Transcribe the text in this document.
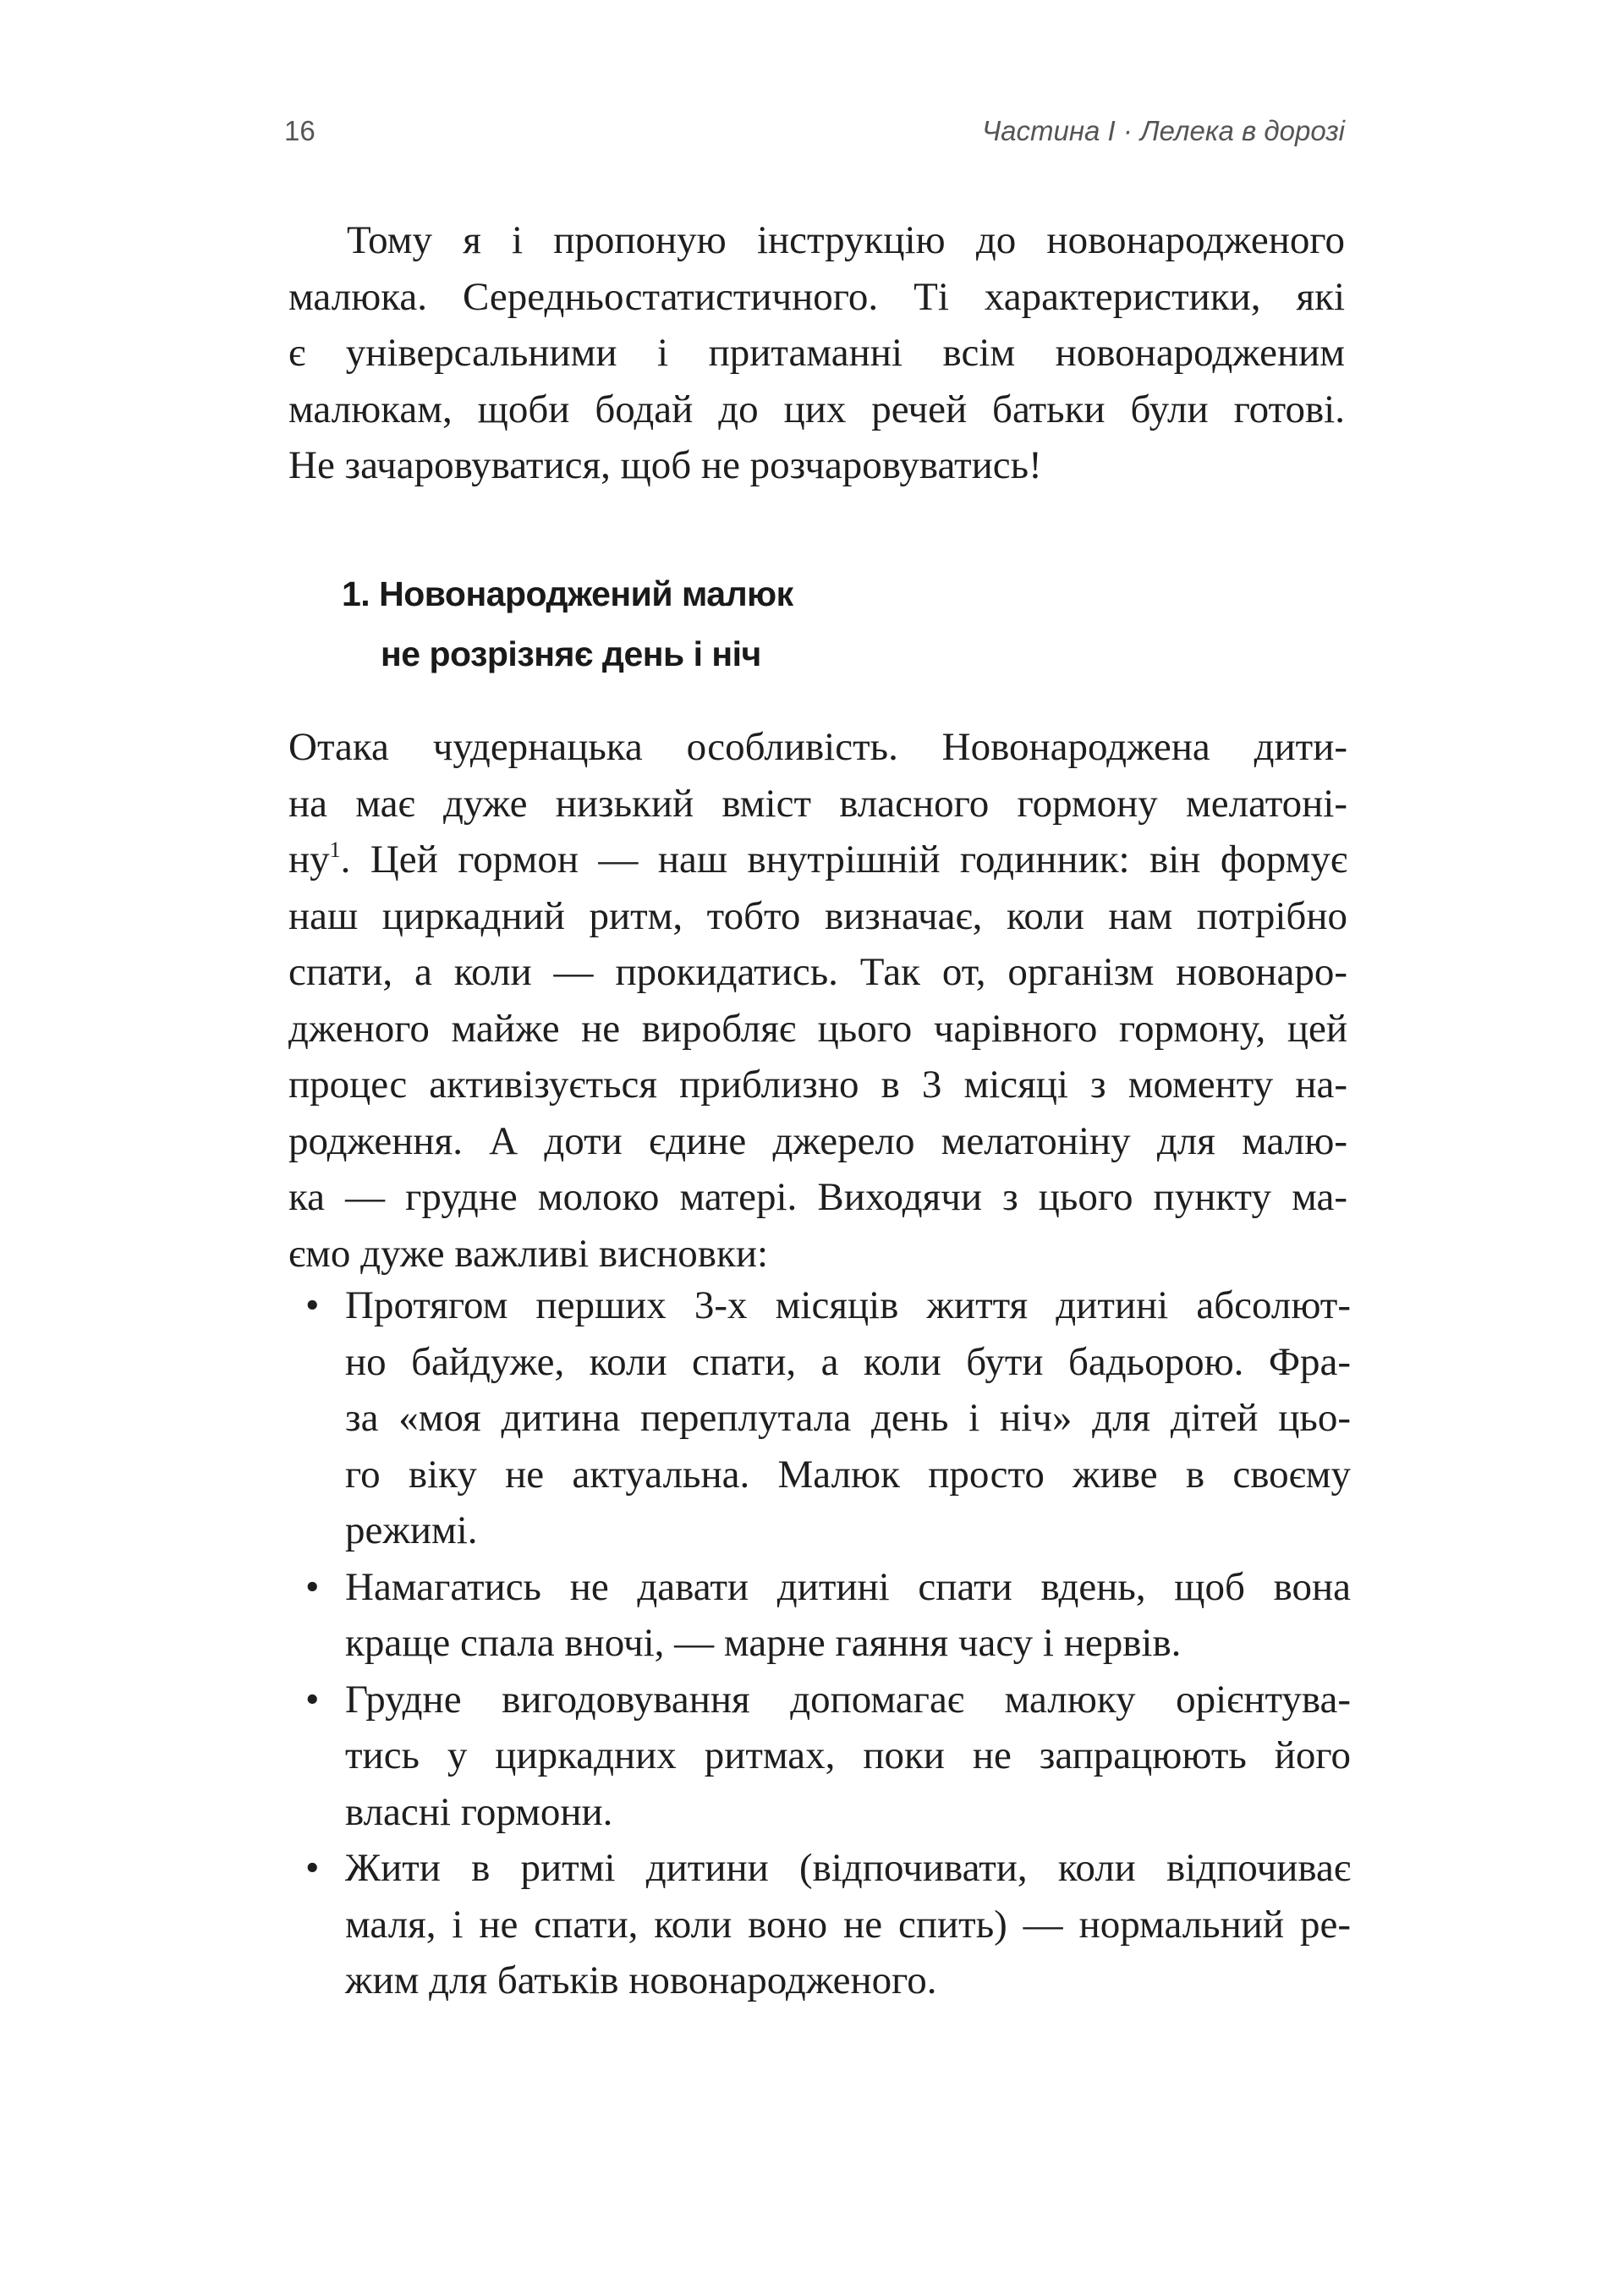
16	Частина І · Лелека в дорозі
Тому я і пропоную інструкцію до новонародженого
малюка. Середньостатистичного. Ті характеристики, які
є універсальними і притаманні всім новонародженим
малюкам, щоби бодай до цих речей батьки були готові.
Не зачаровуватися, щоб не розчаровуватись!
1. Новонароджений малюк
не розрізняє день і ніч
Отака чудернацька особливість. Новонароджена дити-
на має дуже низький вміст власного гормону мелатоні-
$ну^1$. Цей гормон — наш внутрішній годинник: він формує
наш циркадний ритм, тобто визначає, коли нам потрібно
спати, а коли — прокидатись. Так от, організм новонаро-
дженого майже не виробляє цього чарівного гормону, цей
процес активізується приблизно в 3 місяці з моменту на-
родження. А доти єдине джерело мелатоніну для малю-
ка — грудне молоко матері. Виходячи з цього пункту ма-
ємо дуже важливі висновки:
• Протягом перших 3-х місяців життя дитині абсолют-
но байдуже, коли спати, а коли бути бадьорою. Фра-
за «моя дитина переплутала день і ніч» для дітей цьо-
го віку не актуальна. Малюк просто живе в своєму
режимі.
• Намагатись не давати дитині спати вдень, щоб вона
краще спала вночі, — марне гаяння часу і нервів.
• Грудне вигодовування допомагає малюку орієнтува-
тись у циркадних ритмах, поки не запрацюють його
власні гормони.
• Жити в ритмі дитини (відпочивати, коли відпочиває
маля, і не спати, коли воно не спить) — нормальний ре-
жим для батьків новонародженого.
